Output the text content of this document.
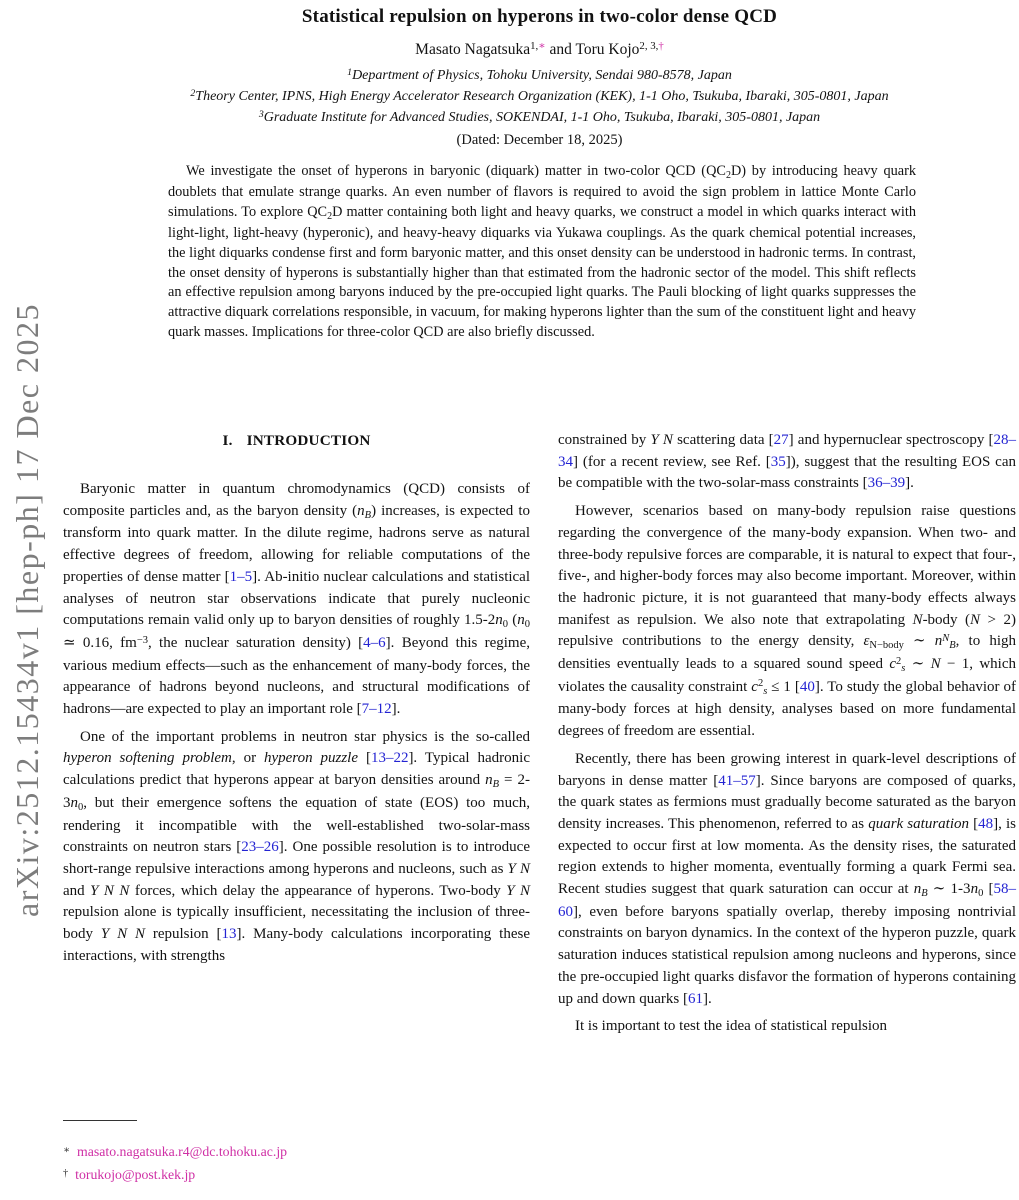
arXiv:2512.15434v1 [hep-ph] 17 Dec 2025
Statistical repulsion on hyperons in two-color dense QCD
Masato Nagatsuka$^{1,∗}$ and Toru Kojo$^{2, 3,\dagger}$
$^1$Department of Physics, Tohoku University, Sendai 980-8578, Japan
$^2$Theory Center, IPNS, High Energy Accelerator Research Organization (KEK), 1-1 Oho, Tsukuba, Ibaraki, 305-0801, Japan
$^3$Graduate Institute for Advanced Studies, SOKENDAI, 1-1 Oho, Tsukuba, Ibaraki, 305-0801, Japan
(Dated: December 18, 2025)
We investigate the onset of hyperons in baryonic (diquark) matter in two-color QCD (QC2D) by introducing heavy quark doublets that emulate strange quarks. An even number of flavors is required to avoid the sign problem in lattice Monte Carlo simulations. To explore QC2D matter containing both light and heavy quarks, we construct a model in which quarks interact with light-light, light-heavy (hyperonic), and heavy-heavy diquarks via Yukawa couplings. As the quark chemical potential increases, the light diquarks condense first and form baryonic matter, and this onset density can be understood in hadronic terms. In contrast, the onset density of hyperons is substantially higher than that estimated from the hadronic sector of the model. This shift reflects an effective repulsion among baryons induced by the pre-occupied light quarks. The Pauli blocking of light quarks suppresses the attractive diquark correlations responsible, in vacuum, for making hyperons lighter than the sum of the constituent light and heavy quark masses. Implications for three-color QCD are also briefly discussed.
I. INTRODUCTION

Baryonic matter in quantum chromodynamics (QCD) consists of composite particles and, as the baryon density (nB) increases, is expected to transform into quark matter. In the dilute regime, hadrons serve as natural effective degrees of freedom, allowing for reliable computations of the properties of dense matter [1–5]. Ab-initio nuclear calculations and statistical analyses of neutron star observations indicate that purely nucleonic computations remain valid only up to baryon densities of roughly 1.5-2n0 (n0 ≃ 0.16, $fm^{-3}$, the nuclear saturation density) [4–6]. Beyond this regime, various medium effects—such as the enhancement of many-body forces, the appearance of hadrons beyond nucleons, and structural modifications of hadrons—are expected to play an important role [7–12].

One of the important problems in neutron star physics is the so-called hyperon softening problem, or hyperon puzzle [13–22]. Typical hadronic calculations predict that hyperons appear at baryon densities around nB = 2-3n0, but their emergence softens the equation of state (EOS) too much, rendering it incompatible with the well-established two-solar-mass constraints on neutron stars [23–26]. One possible resolution is to introduce short-range repulsive interactions among hyperons and nucleons, such as Y N and Y N N forces, which delay the appearance of hyperons. Two-body Y N repulsion alone is typically insufficient, necessitating the inclusion of three-body Y N N repulsion [13]. Many-body calculations incorporating these interactions, with strengths

constrained by Y N scattering data [27] and hypernuclear spectroscopy [28–34] (for a recent review, see Ref. [35]), suggest that the resulting EOS can be compatible with the two-solar-mass constraints [36–39].

However, scenarios based on many-body repulsion raise questions regarding the convergence of the many-body expansion. When two- and three-body repulsive forces are comparable, it is natural to expect that four-, five-, and higher-body forces may also become important. Moreover, within the hadronic picture, it is not guaranteed that many-body effects always manifest as repulsion. We also note that extrapolating N-body (N > 2) repulsive contributions to the energy density, εN−body ∼ $n^NB$, to high densities eventually leads to a squared sound speed $c^2s$ ∼ N − 1, which violates the causality constraint $c^2s \le 1$ [40]. To study the global behavior of many-body forces at high density, analyses based on more fundamental degrees of freedom are essential.

Recently, there has been growing interest in quark-level descriptions of baryons in dense matter [41–57]. Since baryons are composed of quarks, the quark states as fermions must gradually become saturated as the baryon density increases. This phenomenon, referred to as quark saturation [48], is expected to occur first at low momenta. As the density rises, the saturated region extends to higher momenta, eventually forming a quark Fermi sea. Recent studies suggest that quark saturation can occur at nB ∼ 1-3n0 [58–60], even before baryons spatially overlap, thereby imposing nontrivial constraints on baryon dynamics. In the context of the hyperon puzzle, quark saturation induces statistical repulsion among nucleons and hyperons, since the pre-occupied light quarks disfavor the formation of hyperons containing up and down quarks [61].

It is important to test the idea of statistical repulsion

∗ masato.nagatsuka.r4@dc.tohoku.ac.jp
† torukojo@post.kek.jp
